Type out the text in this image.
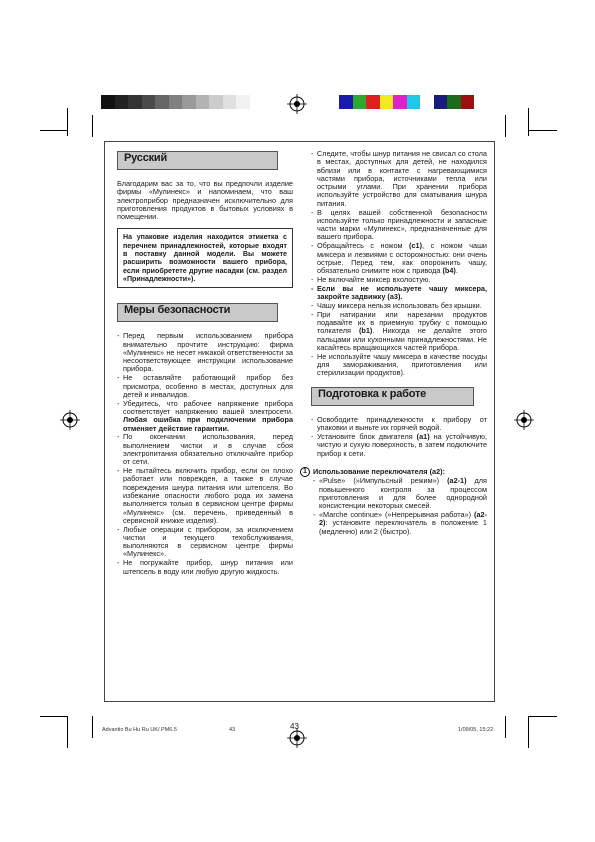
Русский

Благодарим вас за то, что вы предпочли изделие фирмы «Мулинекс» и напоминаем, что ваш электроприбор предназначен исключительно для приготовления продуктов в бытовых условиях в помещении.

На упаковке изделия находится этикетка с перечнем принадлежностей, которые входят в поставку данной модели. Вы можете расширить возможности вашего прибора, если приобретете другие насадки (см. раздел «Принадлежности»).
Меры безопасности
- Перед первым использованием прибора внимательно прочтите инструкцию: фирма «Мулинекс» не несет никакой ответственности за несоответствующее инструкции использование прибора.
- Не оставляйте работающий прибор без присмотра, особенно в местах, доступных для детей и инвалидов.
- Убедитесь, что рабочее напряжение прибора соответствует напряжению вашей электросети. Любая ошибка при подключении прибора отменяет действие гарантии.
- По окончании использования, перед выполнением чистки и в случае сбоя электропитания обязательно отключайте прибор от сети.
- Не пытайтесь включить прибор, если он плохо работает или поврежден, а также в случае повреждения шнура питания или штепселя. Во избежание опасности любого рода их замена выполняется только в сервисном центре фирмы «Мулинекс» (см. перечень, приведенный в сервисной книжке изделия).
- Любые операции с прибором, за исключением чистки и текущего техобслуживания, выполняются в сервисном центре фирмы «Мулинекс».
- Не погружайте прибор, шнур питания или штепсель в воду или любую другую жидкость.
- Следите, чтобы шнур питания не свисал со стола в местах, доступных для детей, не находился вблизи или в контакте с нагревающимися частями прибора, источниками тепла или острыми углами. При хранении прибора используйте устройство для сматывания шнура питания.
- В целях вашей собственной безопасности используйте только принадлежности и запасные части марки «Мулинекс», предназначенные для вашего прибора.
- Обращайтесь с ножом (c1), с ножом чаши миксера и лезвиями с осторожностью: они очень острые. Перед тем, как опорожнить чашу, обязательно снимите нож с привода (b4).
- Не включайте миксер вхолостую.
- Если вы не используете чашу миксера, закройте задвижку (a3).
- Чашу миксера нельзя использовать без крышки.
- При натирании или нарезании продуктов подавайте их в приемную трубку с помощью толкателя (b1). Никогда не делайте этого пальцами или кухонными принадлежностями. Не касайтесь вращающихся частей прибора.
- Не используйте чашу миксера в качестве посуды для замораживания, приготовления или стерилизации продуктов).
Подготовка к работе
- Освободите принадлежности к прибору от упаковки и выньте их горячей водой.
- Установите блок двигателя (a1) на устойчивую, чистую и сухую поверхность, в затем подключите прибор к сети.
1 Использование переключателя (a2):
- «Pulse» (»Импульсный режим») (a2-1) для повышенного контроля за процессом приготовления и для более однородной консистенции некоторых смесей.
- «Marche continue» (»Непрерывная работа») (a2-2): установите переключатель в положение 1 (медленно) или 2 (быстро).
43
Advantio Bu Hu Ru UK/ PM6.5	43	1/09/05, 15:22
